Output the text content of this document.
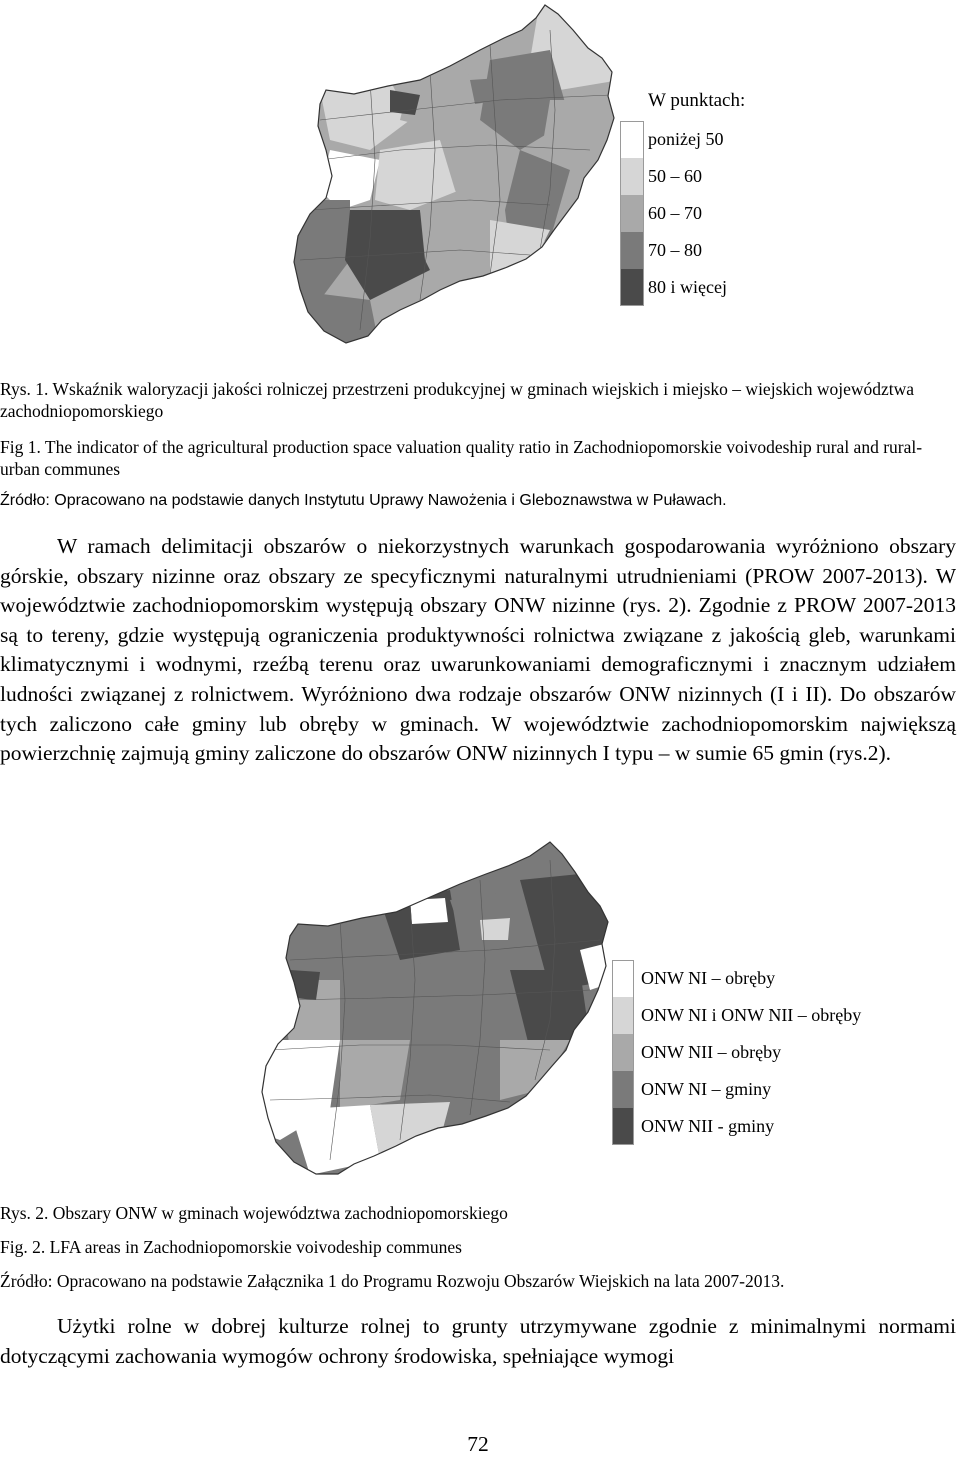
W punktach:
poniżej 50
50 – 60
60 – 70
70 – 80
80 i więcej

Rys. 1. Wskaźnik waloryzacji jakości rolniczej przestrzeni produkcyjnej w gminach wiejskich i miejsko – wiejskich województwa zachodniopomorskiego

Fig 1. The indicator of the agricultural production space valuation quality ratio in Zachodniopomorskie voivodeship rural and rural-urban communes

Źródło: Opracowano na podstawie danych Instytutu Uprawy Nawożenia i Gleboznawstwa w Puławach.

W ramach delimitacji obszarów o niekorzystnych warunkach gospodarowania wyróżniono obszary górskie, obszary nizinne oraz obszary ze specyficznymi naturalnymi utrudnieniami (PROW 2007-2013). W województwie zachodniopomorskim występują obszary ONW nizinne (rys. 2). Zgodnie z PROW 2007-2013 są to tereny, gdzie występują ograniczenia produktywności rolnictwa związane z jakością gleb, warunkami klimatycznymi i wodnymi, rzeźbą terenu oraz uwarunkowaniami demograficznymi i znacznym udziałem ludności związanej z rolnictwem. Wyróżniono dwa rodzaje obszarów ONW nizinnych (I i II). Do obszarów tych zaliczono całe gminy lub obręby w gminach. W województwie zachodniopomorskim największą powierzchnię zajmują gminy zaliczone do obszarów ONW nizinnych I typu – w sumie 65 gmin (rys.2).

ONW NI – obręby
ONW NI i ONW NII – obręby
ONW NII – obręby
ONW NI – gminy
ONW NII - gminy

Rys. 2. Obszary ONW w gminach województwa zachodniopomorskiego

Fig. 2. LFA areas in Zachodniopomorskie voivodeship communes

Źródło: Opracowano na podstawie Załącznika 1 do Programu Rozwoju Obszarów Wiejskich na lata 2007-2013.

Użytki rolne w dobrej kulturze rolnej to grunty utrzymywane zgodnie z minimalnymi normami dotyczącymi zachowania wymogów ochrony środowiska, spełniające wymogi

72
